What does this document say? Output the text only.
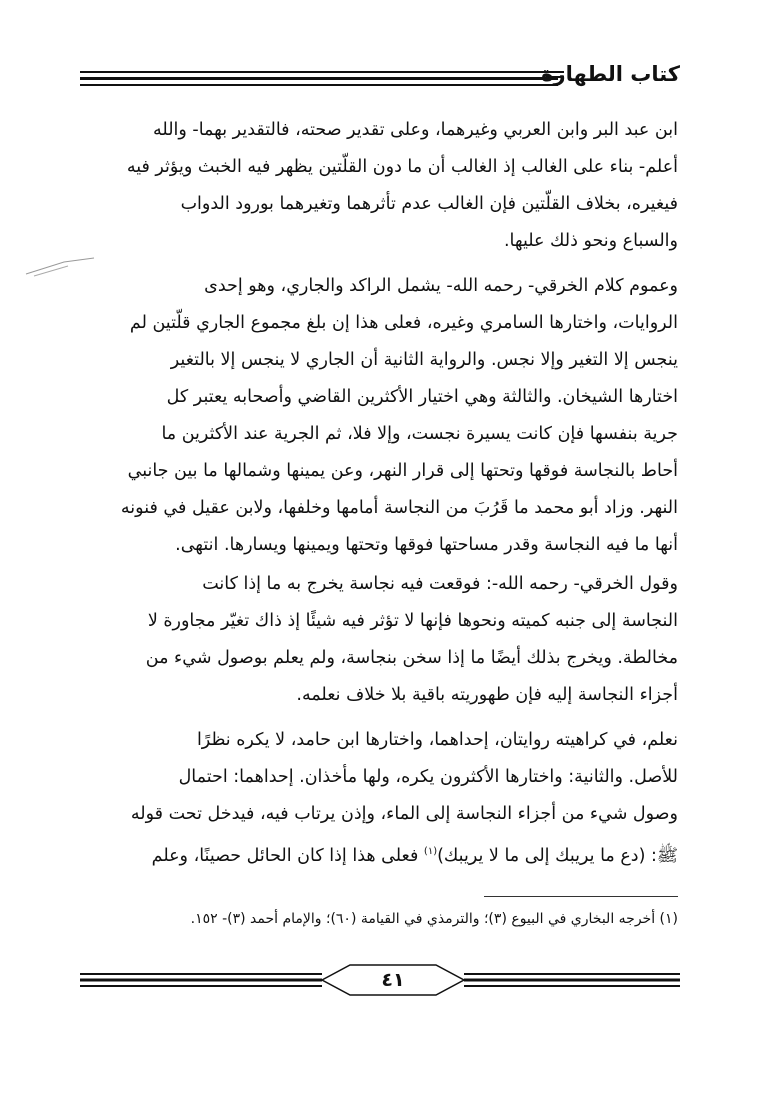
كتاب الطهارة

ابن عبد البر وابن العربي وغيرهما، وعلى تقدير صحته، فالتقدير بهما- والله

أعلم- بناء على الغالب إذ الغالب أن ما دون القلّتين يظهر فيه الخبث ويؤثر فيه

فيغيره، بخلاف القلّتين فإن الغالب عدم تأثرهما وتغيرهما بورود الدواب

والسباع ونحو ذلك عليها.

وعموم كلام الخرقي- رحمه الله- يشمل الراكد والجاري، وهو إحدى

الروايات، واختارها السامري وغيره، فعلى هذا إن بلغ مجموع الجاري قلّتين لم

ينجس إلا التغير وإلا نجس. والرواية الثانية أن الجاري لا ينجس إلا بالتغير

اختارها الشيخان. والثالثة وهي اختيار الأكثرين القاضي وأصحابه يعتبر كل

جرية بنفسها فإن كانت يسيرة نجست، وإلا فلا، ثم الجرية عند الأكثرين ما

أحاط بالنجاسة فوقها وتحتها إلى قرار النهر، وعن يمينها وشمالها ما بين جانبي

النهر. وزاد أبو محمد ما قَرُبَ من النجاسة أمامها وخلفها، ولابن عقيل في فنونه

أنها ما فيه النجاسة وقدر مساحتها فوقها وتحتها ويمينها ويسارها. انتهى.

وقول الخرقي- رحمه الله-: فوقعت فيه نجاسة يخرج به ما إذا كانت

النجاسة إلى جنبه كميته ونحوها فإنها لا تؤثر فيه شيئًا إذ ذاك تغيّر مجاورة لا

مخالطة. ويخرج بذلك أيضًا ما إذا سخن بنجاسة، ولم يعلم بوصول شيء من

أجزاء النجاسة إليه فإن طهوريته باقية بلا خلاف نعلمه.

نعلم، في كراهيته روايتان، إحداهما، واختارها ابن حامد، لا يكره نظرًا

للأصل. والثانية: واختارها الأكثرون يكره، ولها مأخذان. إحداهما: احتمال

وصول شيء من أجزاء النجاسة إلى الماء، وإذن يرتاب فيه، فيدخل تحت قوله

ﷺ: (دع ما يريبك إلى ما لا يريبك)$^{(١)}$ فعلى هذا إذا كان الحائل حصينًا، وعلم

(١) أخرجه البخاري في البيوع (٣)؛ والترمذي في القيامة (٦٠)؛ والإمام أحمد (٣)- ١٥٢.
٤١
